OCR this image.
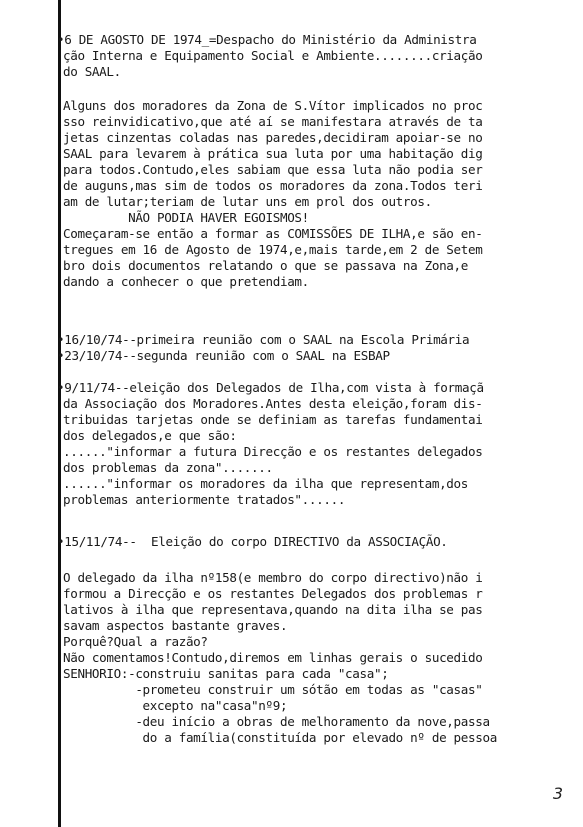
•6 DE AGOSTO DE 1974_=Despacho do Ministério da Administra
ção Interna e Equipamento Social e Ambiente........criação
do SAAL.
Alguns dos moradores da Zona de S.Vítor implicados no proc
sso reinvidicativo,que até aí se manifestara através de ta
jetas cinzentas coladas nas paredes,decidiram apoiar-se no
SAAL para levarem à prática sua luta por uma habitação dig
para todos.Contudo,eles sabiam que essa luta não podia ser
de auguns,mas sim de todos os moradores da zona.Todos teri
am de lutar;teriam de lutar uns em prol dos outros.
NÃO PODIA HAVER EGOISMOS!
Começaram-se então a formar as COMISSÕES DE ILHA,e são en-
tregues em 16 de Agosto de 1974,e,mais tarde,em 2 de Setem
bro dois documentos relatando o que se passava na Zona,e
dando a conhecer o que pretendiam.
•16/10/74--primeira reunião com o SAAL na Escola Primária
•23/10/74--segunda reunião com o SAAL na ESBAP
•9/11/74--eleição dos Delegados de Ilha,com vista à formaçã
da Associação dos Moradores.Antes desta eleição,foram dis-
tribuidas tarjetas onde se definiam as tarefas fundamentai
dos delegados,e que são:
......"informar a futura Direcção e os restantes delegados
dos problemas da zona".......
......"informar os moradores da ilha que representam,dos
problemas anteriormente tratados"......
•15/11/74--  Eleição do corpo DIRECTIVO da ASSOCIAÇÃO.
O delegado da ilha nº158(e membro do corpo directivo)não i
formou a Direcção e os restantes Delegados dos problemas r
lativos à ilha que representava,quando na dita ilha se pas
savam aspectos bastante graves.
Porquê?Qual a razão?
Não comentamos!Contudo,diremos em linhas gerais o sucedido
SENHORIO:-construiu sanitas para cada "casa";
-prometeu construir um sótão em todas as "casas"
excepto na"casa"nº9;
-deu início a obras de melhoramento da nove,passa
do a família(constituída por elevado nº de pessoa
3
